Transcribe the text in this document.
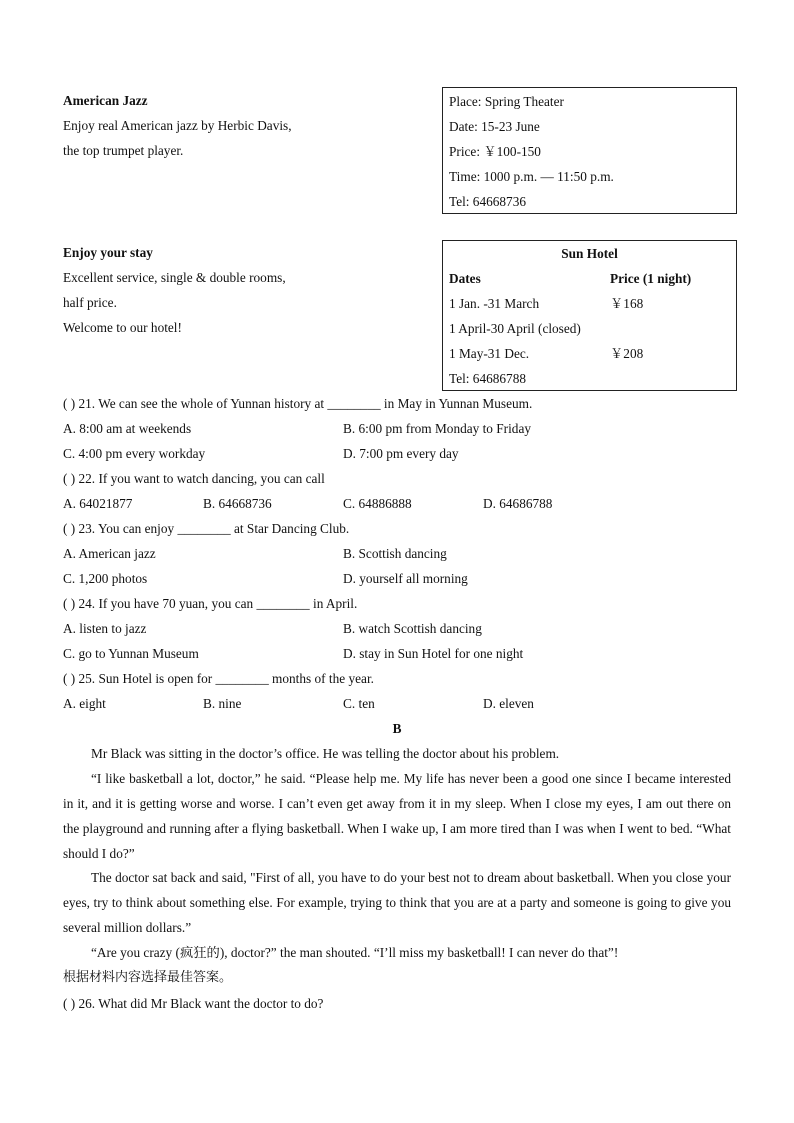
American Jazz
Enjoy real American jazz by Herbic Davis,
the top trumpet player.
Place: Spring Theater
Date: 15-23 June
Price: ￥100-150
Time: 1000 p.m. — 11:50 p.m.
Tel: 64668736
Enjoy your stay
Excellent service, single & double rooms,
half price.
Welcome to our hotel!
Sun Hotel
Dates	Price (1 night)
1 Jan. -31 March	￥168
1 April-30 April (closed)
1 May-31 Dec.	￥208
Tel: 64686788
( ) 21. We can see the whole of Yunnan history at ________ in May in Yunnan Museum.
A. 8:00 am at weekends	B. 6:00 pm from Monday to Friday
C. 4:00 pm every workday	D. 7:00 pm every day
( ) 22. If you want to watch dancing, you can call
A. 64021877	B. 64668736	C. 64886888	D. 64686788
( ) 23. You can enjoy ________ at Star Dancing Club.
A. American jazz	B. Scottish dancing
C. 1,200 photos	D. yourself all morning
( ) 24. If you have 70 yuan, you can ________ in April.
A. listen to jazz	B. watch Scottish dancing
C. go to Yunnan Museum	D. stay in Sun Hotel for one night
( ) 25. Sun Hotel is open for ________ months of the year.
A. eight	B. nine	C. ten	D. eleven
B
Mr Black was sitting in the doctor’s office. He was telling the doctor about his problem.
“I like basketball a lot, doctor,” he said. “Please help me. My life has never been a good one since I became interested in it, and it is getting worse and worse. I can’t even get away from it in my sleep. When I close my eyes, I am out there on the playground and running after a flying basketball. When I wake up, I am more tired than I was when I went to bed. “What should I do?”
The doctor sat back and said, "First of all, you have to do your best not to dream about basketball. When you close your eyes, try to think about something else. For example, trying to think that you are at a party and someone is going to give you several million dollars.”
“Are you crazy (疯狂的), doctor?” the man shouted. “I’ll miss my basketball! I can never do that”!
根据材料内容选择最佳答案。
( ) 26. What did Mr Black want the doctor to do?
